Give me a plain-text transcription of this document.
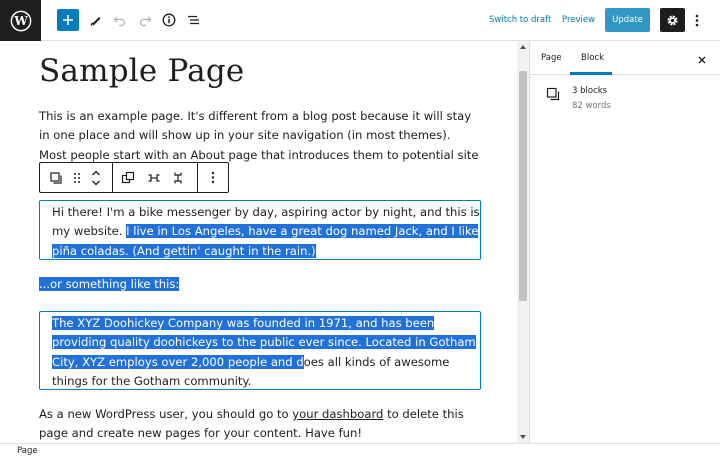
W	Switch to draft Preview	Update
Sample Page

This is an example page. It's different from a blog post because it will stay in one place and will show up in your site navigation (in most themes). Most people start with an About page that introduces them to potential site

Hi there! I'm a bike messenger by day, aspiring actor by night, and this is my website. I live in Los Angeles, have a great dog named Jack, and I like piña coladas. (And gettin' caught in the rain.)

...or something like this:

The XYZ Doohickey Company was founded in 1971, and has been providing quality doohickeys to the public ever since. Located in Gotham City, XYZ employs over 2,000 people and does all kinds of awesome things for the Gotham community.

As a new WordPress user, you should go to your dashboard to delete this page and create new pages for your content. Have fun!

Page Block
3 blocks
82 words
Page
